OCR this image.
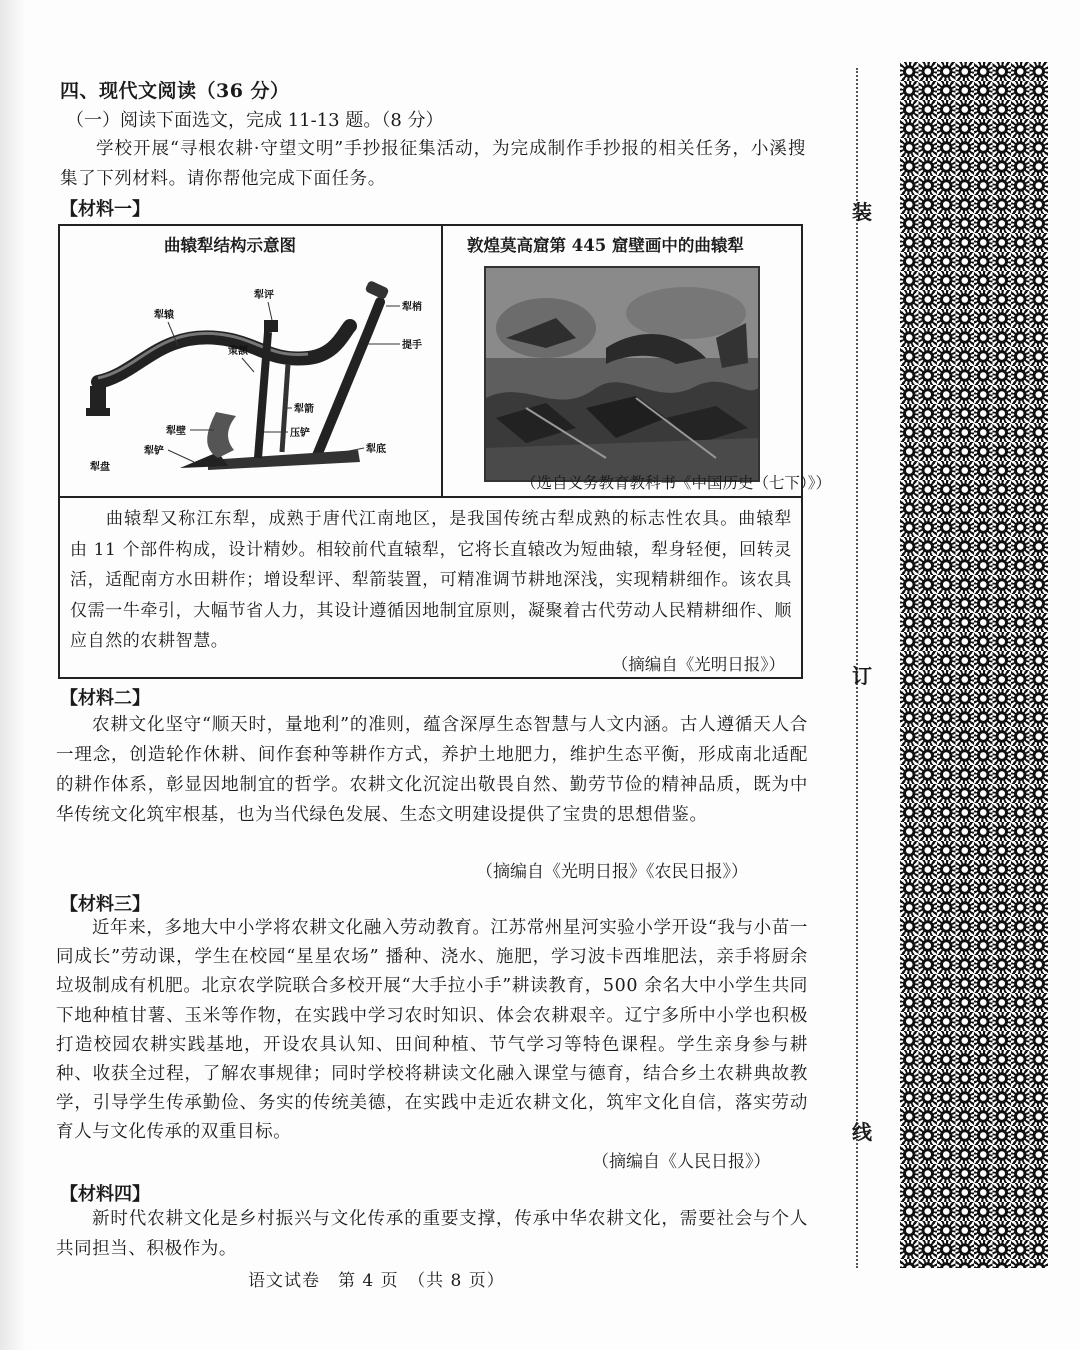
四、现代文阅读（36 分）
（一）阅读下面选文，完成 11-13 题。（8 分）
学校开展“寻根农耕·守望文明”手抄报征集活动，为完成制作手抄报的相关任务，小溪搜集了下列材料。请你帮他完成下面任务。
【材料一】
曲辕犁结构示意图
犁评
犁辕
犁梢
提手
策额
犁箭
犁壁	压铲
犁铲	犁底
犁盘
敦煌莫高窟第 445 窟壁画中的曲辕犁
（选自义务教育教科书《中国历史（七下）》）
曲辕犁又称江东犁，成熟于唐代江南地区，是我国传统古犁成熟的标志性农具。曲辕犁由 11 个部件构成，设计精妙。相较前代直辕犁，它将长直辕改为短曲辕，犁身轻便，回转灵活，适配南方水田耕作；增设犁评、犁箭装置，可精准调节耕地深浅，实现精耕细作。该农具仅需一牛牵引，大幅节省人力，其设计遵循因地制宜原则，凝聚着古代劳动人民精耕细作、顺应自然的农耕智慧。
（摘编自《光明日报》）
【材料二】
农耕文化坚守“顺天时，量地利”的准则，蕴含深厚生态智慧与人文内涵。古人遵循天人合一理念，创造轮作休耕、间作套种等耕作方式，养护土地肥力，维护生态平衡，形成南北适配的耕作体系，彰显因地制宜的哲学。农耕文化沉淀出敬畏自然、勤劳节俭的精神品质，既为中华传统文化筑牢根基，也为当代绿色发展、生态文明建设提供了宝贵的思想借鉴。
（摘编自《光明日报》《农民日报》）
【材料三】
近年来，多地大中小学将农耕文化融入劳动教育。江苏常州星河实验小学开设“我与小苗一同成长”劳动课，学生在校园“星星农场” 播种、浇水、施肥，学习波卡西堆肥法，亲手将厨余垃圾制成有机肥。北京农学院联合多校开展“大手拉小手”耕读教育，500 余名大中小学生共同下地种植甘薯、玉米等作物，在实践中学习农时知识、体会农耕艰辛。辽宁多所中小学也积极打造校园农耕实践基地，开设农具认知、田间种植、节气学习等特色课程。学生亲身参与耕种、收获全过程，了解农事规律；同时学校将耕读文化融入课堂与德育，结合乡土农耕典故教学，引导学生传承勤俭、务实的传统美德，在实践中走近农耕文化，筑牢文化自信，落实劳动育人与文化传承的双重目标。
（摘编自《人民日报》）
【材料四】
新时代农耕文化是乡村振兴与文化传承的重要支撑，传承中华农耕文化，需要社会与个人共同担当、积极作为。
语文试卷　第 4 页　（共 8 页）
装
订
线
